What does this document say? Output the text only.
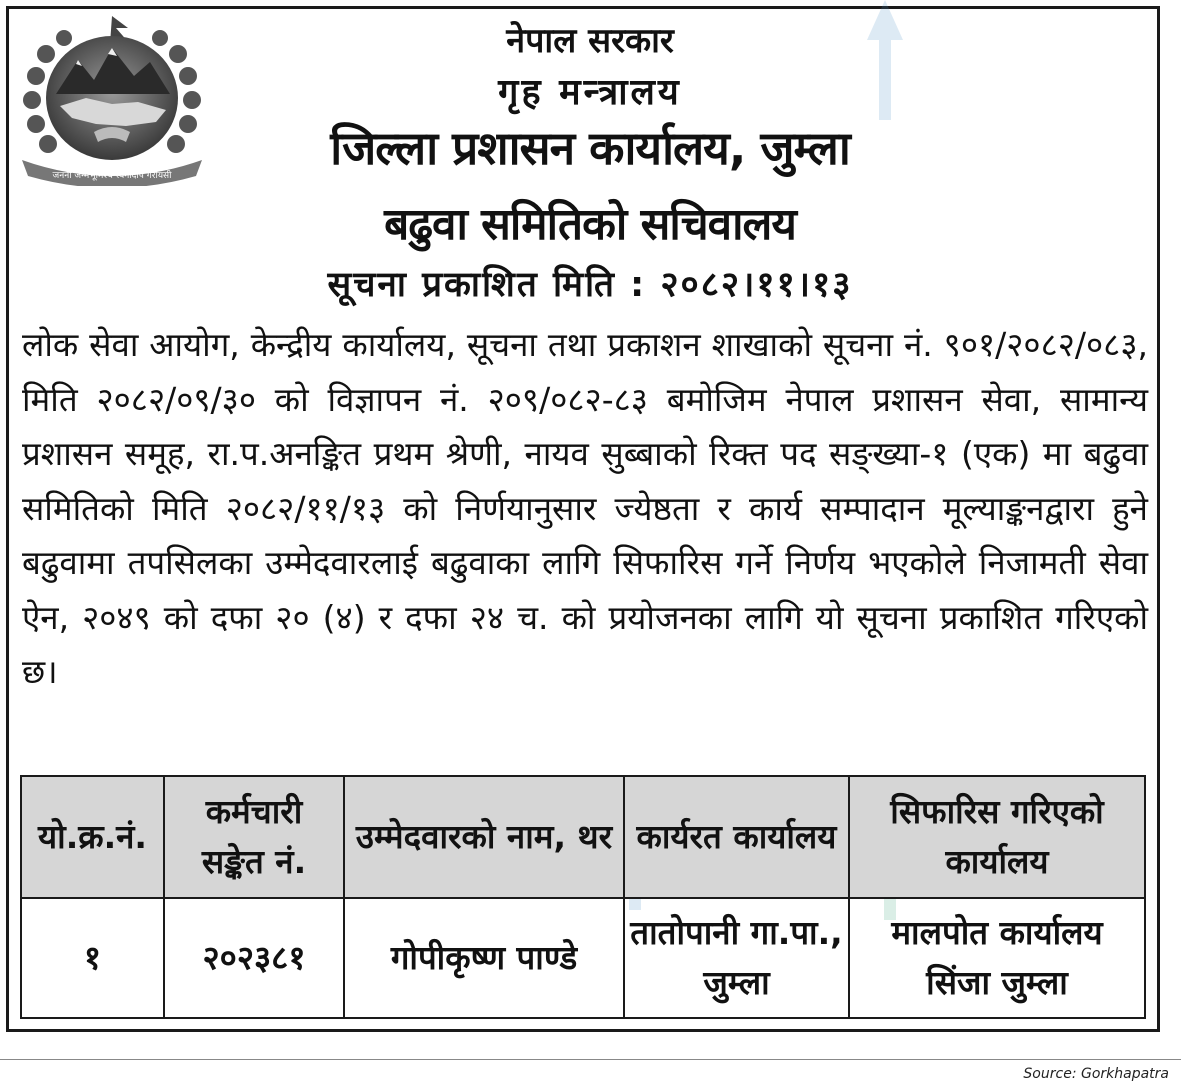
जननी जन्मभूमिश्च स्वर्गादपि गरीयसी
नेपाल सरकार
गृह मन्त्रालय
जिल्ला प्रशासन कार्यालय, जुम्ला
बढुवा समितिको सचिवालय
सूचना प्रकाशित मिति : २०८२।११।१३
लोक सेवा आयोग, केन्द्रीय कार्यालय, सूचना तथा प्रकाशन शाखाको सूचना नं. ९०१/२०८२/०८३, मिति २०८२/०९/३० को विज्ञापन नं. २०९/०८२-८३ बमोजिम नेपाल प्रशासन सेवा, सामान्य प्रशासन समूह, रा.प.अनङ्कित प्रथम श्रेणी, नायव सुब्बाको रिक्त पद सङ्ख्या-१ (एक) मा बढुवा समितिको मिति २०८२/११/१३ को निर्णयानुसार ज्येष्ठता र कार्य सम्पादान मूल्याङ्कनद्वारा हुने बढुवामा तपसिलका उम्मेदवारलाई बढुवाका लागि सिफारिस गर्ने निर्णय भएकोले निजामती सेवा ऐन, २०४९ को दफा २० (४) र दफा २४ च. को प्रयोजनका लागि यो सूचना प्रकाशित गरिएको छ।
यो.क्र.नं.	कर्मचारी सङ्केत नं.	उम्मेदवारको नाम, थर	कार्यरत कार्यालय	सिफारिस गरिएको कार्यालय
१	२०२३८१	गोपीकृष्ण पाण्डे	तातोपानी गा.पा., जुम्ला	मालपोत कार्यालय सिंजा जुम्ला
Source: Gorkhapatra
